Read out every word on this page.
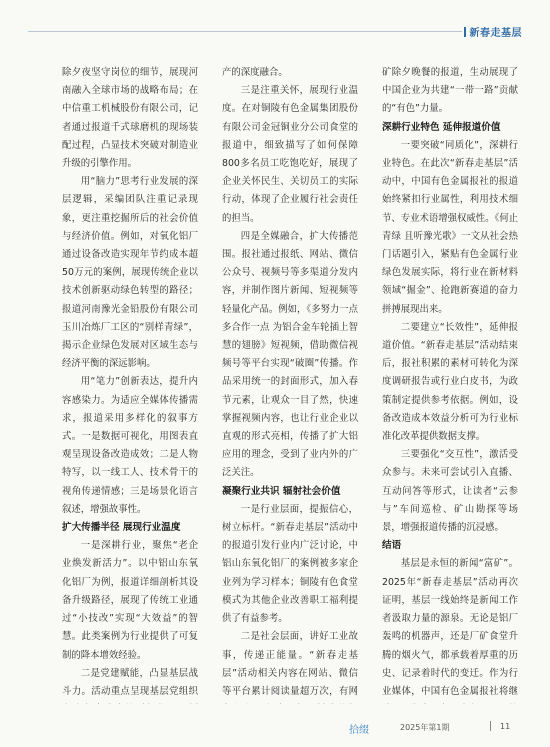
新春走基层

除夕夜坚守岗位的细节，展现河南融入全球市场的战略布局；在中信重工机械股份有限公司，记者通过报道千式球磨机的现场装配过程，凸显技术突破对制造业升级的引擎作用。

用“脑力”思考行业发展的深层逻辑，采编团队注重记录现象，更注重挖掘所后的社会价值与经济价值。例如，对氧化铝厂通过设备改造实现年节约成本超50万元的案例，展现传统企业以技术创新驱动绿色转型的路径；报道河南豫光金铅股份有限公司玉川冶炼厂工区的“别样青绿”，揭示企业绿色发展对区域生态与经济平衡的深远影响。

用“笔力”创新表达，提升内容感染力。为适应全媒体传播需求，报道采用多样化的叙事方式。一是数据可视化，用图表直观呈现设备改造成效；二是人物特写，以一线工人、技术骨干的视角传递情感；三是场景化语言叙述，增强故事性。

扩大传播半径 展现行业温度

一是深耕行业，聚焦“老企业焕发新活力”。以中铝山东氧化铝厂为例，报道详细剖析其设备升级路径，展现了传统工业通过“小技改”实现“大效益”的智慧。此类案例为行业提供了可复制的降本增效经验。

二是党建赋能，凸显基层战斗力。活动重点呈现基层党组织

产的深度融合。

三是注重关怀，展现行业温度。在对铜陵有色金属集团股份有限公司金冠铜业分公司食堂的报道中，细致描写了如何保障800多名员工吃饱吃好，展现了企业关怀民生、关切员工的实际行动，体现了企业履行社会责任的担当。

四是全媒融合，扩大传播范围。报社通过报纸、网站、微信公众号、视频号等多渠道分发内容，并制作图片新闻、短视频等轻量化产品。例如，《多努力一点 多合作一点 为铝合金车轮插上智慧的翅膀》短视频，借助微信视频号等平台实现“破圈”传播。作品采用统一的封面形式，加入春节元素，让观众一目了然，快速掌握视频内容，也让行业企业以直观的形式亮相，传播了扩大铝应用的理念，受到了业内外的广泛关注。

凝聚行业共识 辐射社会价值

一是行业层面，提振信心，树立标杆。“新春走基层”活动中的报道引发行业内广泛讨论，中铝山东氧化铝厂的案例被多家企业列为学习样本；铜陵有色食堂模式为其他企业改善职工福利提供了有益参考。

二是社会层面，讲好工业故事，传递正能量。“新春走基层”活动相关内容在网站、微信等平台累计阅读量超万次，有网

矿除夕晚餐的报道，生动展现了中国企业为共建“一带一路”贡献的“有色”力量。

深耕行业特色 延伸报道价值

一要突破“同质化”，深耕行业特色。在此次“新春走基层”活动中，中国有色金属报社的报道始终紧扣行业属性，利用技术细节、专业术语增强权威性。《何止青绿 且听豫光歌》一文从社会热门话题引入，紧贴有色金属行业绿色发展实际，将行业在新材料领域“掘金”、抢跑新赛道的奋力拼搏展现出来。

二要建立“长效性”，延伸报道价值。“新春走基层”活动结束后，报社积累的素材可转化为深度调研报告或行业白皮书，为政策制定提供参考依据。例如，设备改造成本效益分析可为行业标准化改革提供数据支撑。

三要强化“交互性”，激活受众参与。未来可尝试引入直播、互动问答等形式，让读者“云参与”车间巡检、矿山勘探等场景，增强报道传播的沉浸感。

结语

基层是永恒的新闻“富矿”。2025年“新春走基层”活动再次证明，基层一线始终是新闻工作者汲取力量的源泉。无论是铝厂轰鸣的机器声，还是厂矿食堂升腾的烟火气，都承载着厚重的历史、记录着时代的变迁。作为行业媒体，中国有色金属报社将继

拾缀	2025年第1期	11
